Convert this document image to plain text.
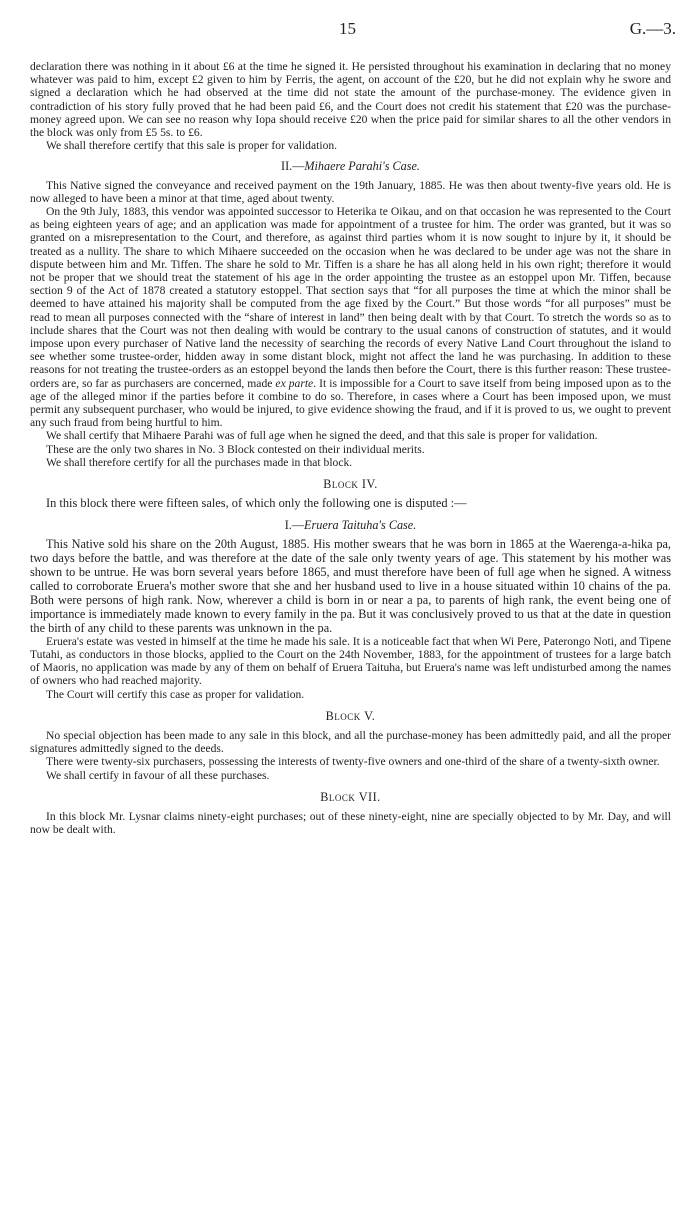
15	G.—3.

declaration there was nothing in it about £6 at the time he signed it. He persisted throughout his examination in declaring that no money whatever was paid to him, except £2 given to him by Ferris, the agent, on account of the £20, but he did not explain why he swore and signed a declaration which he had observed at the time did not state the amount of the purchase-money. The evidence given in contradiction of his story fully proved that he had been paid £6, and the Court does not credit his statement that £20 was the purchase-money agreed upon. We can see no reason why Iopa should receive £20 when the price paid for similar shares to all the other vendors in the block was only from £5 5s. to £6.

We shall therefore certify that this sale is proper for validation.

II.—Mihaere Parahi's Case.

This Native signed the conveyance and received payment on the 19th January, 1885. He was then about twenty-five years old. He is now alleged to have been a minor at that time, aged about twenty.

On the 9th July, 1883, this vendor was appointed successor to Heterika te Oikau, and on that occasion he was represented to the Court as being eighteen years of age; and an application was made for appointment of a trustee for him. The order was granted, but it was so granted on a misrepresentation to the Court, and therefore, as against third parties whom it is now sought to injure by it, it should be treated as a nullity. The share to which Mihaere succeeded on the occasion when he was declared to be under age was not the share in dispute between him and Mr. Tiffen. The share he sold to Mr. Tiffen is a share he has all along held in his own right; therefore it would not be proper that we should treat the statement of his age in the order appointing the trustee as an estoppel upon Mr. Tiffen, because section 9 of the Act of 1878 created a statutory estoppel. That section says that “for all purposes the time at which the minor shall be deemed to have attained his majority shall be computed from the age fixed by the Court.” But those words “for all purposes” must be read to mean all purposes connected with the “share of interest in land” then being dealt with by that Court. To stretch the words so as to include shares that the Court was not then dealing with would be contrary to the usual canons of construction of statutes, and it would impose upon every purchaser of Native land the necessity of searching the records of every Native Land Court throughout the island to see whether some trustee-order, hidden away in some distant block, might not affect the land he was purchasing. In addition to these reasons for not treating the trustee-orders as an estoppel beyond the lands then before the Court, there is this further reason: These trustee-orders are, so far as purchasers are concerned, made ex parte. It is impossible for a Court to save itself from being imposed upon as to the age of the alleged minor if the parties before it combine to do so. Therefore, in cases where a Court has been imposed upon, we must permit any subsequent purchaser, who would be injured, to give evidence showing the fraud, and if it is proved to us, we ought to prevent any such fraud from being hurtful to him.

We shall certify that Mihaere Parahi was of full age when he signed the deed, and that this sale is proper for validation.

These are the only two shares in No. 3 Block contested on their individual merits.

We shall therefore certify for all the purchases made in that block.

Block IV.

In this block there were fifteen sales, of which only the following one is disputed :—

I.—Eruera Taituha's Case.

This Native sold his share on the 20th August, 1885. His mother swears that he was born in 1865 at the Waerenga-a-hika pa, two days before the battle, and was therefore at the date of the sale only twenty years of age. This statement by his mother was shown to be untrue. He was born several years before 1865, and must therefore have been of full age when he signed. A witness called to corroborate Eruera's mother swore that she and her husband used to live in a house situated within 10 chains of the pa. Both were persons of high rank. Now, wherever a child is born in or near a pa, to parents of high rank, the event being one of importance is immediately made known to every family in the pa. But it was conclusively proved to us that at the date in question the birth of any child to these parents was unknown in the pa.

Eruera's estate was vested in himself at the time he made his sale. It is a noticeable fact that when Wi Pere, Paterongo Noti, and Tipene Tutahi, as conductors in those blocks, applied to the Court on the 24th November, 1883, for the appointment of trustees for a large batch of Maoris, no application was made by any of them on behalf of Eruera Taituha, but Eruera's name was left undisturbed among the names of owners who had reached majority.

The Court will certify this case as proper for validation.

Block V.

No special objection has been made to any sale in this block, and all the purchase-money has been admittedly paid, and all the proper signatures admittedly signed to the deeds.

There were twenty-six purchasers, possessing the interests of twenty-five owners and one-third of the share of a twenty-sixth owner.

We shall certify in favour of all these purchases.

Block VII.

In this block Mr. Lysnar claims ninety-eight purchases; out of these ninety-eight, nine are specially objected to by Mr. Day, and will now be dealt with.
